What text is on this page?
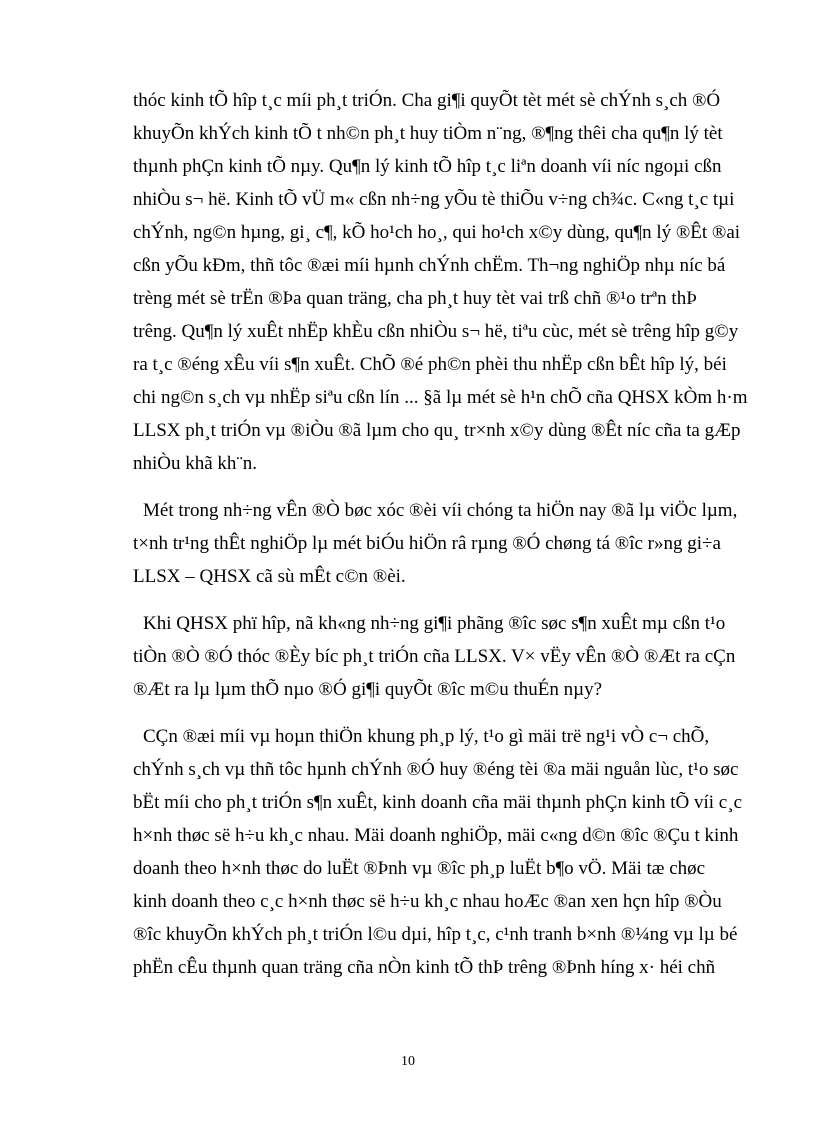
thóc kinh tÕ hîp t¸c míi ph¸t triÓn. Cha gi¶i quyÕt tèt mét sè chÝnh s¸ch ®Ó
khuyÕn khÝch kinh tÕ t nh©n ph¸t huy tiÒm n¨ng, ®¶ng thêi cha qu¶n lý tèt
thµnh phÇn kinh tÕ nµy. Qu¶n lý kinh tÕ hîp t¸c liªn doanh víi níc ngoµi cßn
nhiÒu s¬ hë. Kinh tÕ vÜ m« cßn nh÷ng yÕu tè thiÕu v÷ng ch¾c. C«ng t¸c tµi
chÝnh, ng©n hµng, gi¸ c¶, kÕ ho¹ch ho¸, qui ho¹ch x©y dùng, qu¶n lý ®Êt ®ai
cßn yÕu kÐm, thñ tôc ®æi míi hµnh chÝnh chËm. Th¬ng nghiÖp nhµ níc bá
trèng mét sè trËn ®Þa quan träng, cha ph¸t huy tèt vai trß chñ ®¹o trªn thÞ
trêng. Qu¶n lý xuÊt nhËp khÈu cßn nhiÒu s¬ hë, tiªu cùc, mét sè trêng hîp g©y
ra t¸c ®éng xÊu víi s¶n xuÊt. ChÕ ®é ph©n phèi thu nhËp cßn bÊt hîp lý, béi
chi ng©n s¸ch vµ nhËp siªu cßn lín ... §ã lµ mét sè h¹n chÕ cña QHSX kÒm h·m
LLSX ph¸t triÓn vµ ®iÒu ®ã lµm cho qu¸ tr×nh x©y dùng ®Êt níc cña ta gÆp
nhiÒu khã kh¨n.
Mét trong nh÷ng vÊn ®Ò bøc xóc ®èi víi chóng ta hiÖn nay ®ã lµ viÖc lµm,
t×nh tr¹ng thÊt nghiÖp lµ mét biÓu hiÖn râ rµng ®Ó chøng tá ®îc r»ng gi÷a
LLSX – QHSX cã sù mÊt c©n ®èi.
Khi QHSX phï hîp, nã kh«ng nh÷ng gi¶i phãng ®îc søc s¶n xuÊt mµ cßn t¹o
tiÒn ®Ò ®Ó thóc ®Èy bíc ph¸t triÓn cña LLSX. V× vËy vÊn ®Ò ®Æt ra cÇn
®Æt ra lµ lµm thÕ nµo ®Ó gi¶i quyÕt ®îc m©u thuÉn nµy?
CÇn ®æi míi vµ hoµn thiÖn khung ph¸p lý, t¹o gì mäi trë ng¹i vÒ c¬ chÕ,
chÝnh s¸ch vµ thñ tôc hµnh chÝnh ®Ó huy ®éng tèi ®a mäi nguån lùc, t¹o søc
bËt míi cho ph¸t triÓn s¶n xuÊt, kinh doanh cña mäi thµnh phÇn kinh tÕ víi c¸c
h×nh thøc së h÷u kh¸c nhau. Mäi doanh nghiÖp, mäi c«ng d©n ®îc ®Çu t kinh
doanh theo h×nh thøc do luËt ®Þnh vµ ®îc ph¸p luËt b¶o vÖ. Mäi tæ chøc
kinh doanh theo c¸c h×nh thøc së h÷u kh¸c nhau hoÆc ®an xen hçn hîp ®Òu
®îc khuyÕn khÝch ph¸t triÓn l©u dµi, hîp t¸c, c¹nh tranh b×nh ®¼ng vµ lµ bé
phËn cÊu thµnh quan träng cña nÒn kinh tÕ thÞ trêng ®Þnh híng x· héi chñ
10
